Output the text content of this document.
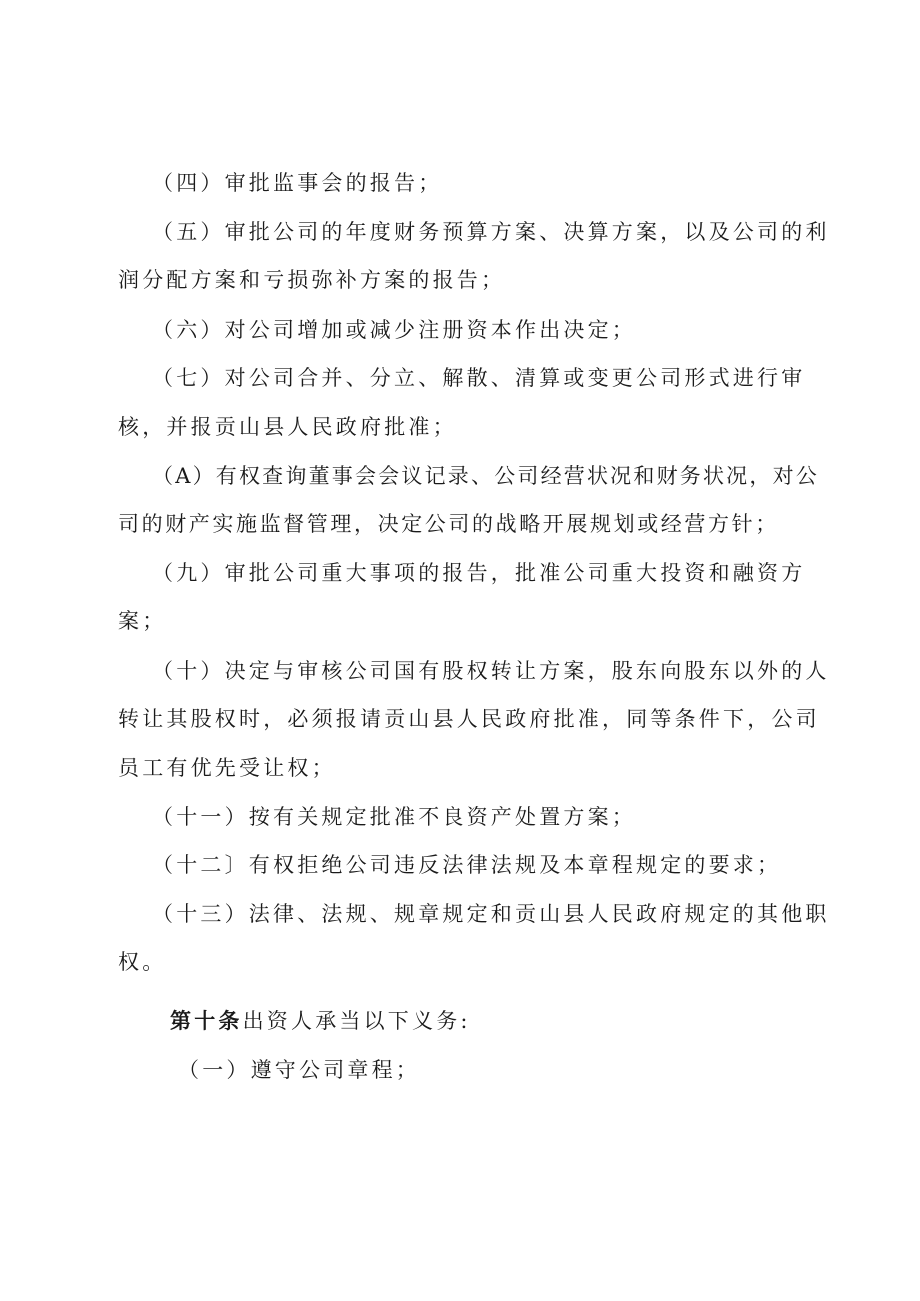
（四）审批监事会的报告；
（五）审批公司的年度财务预算方案、决算方案，以及公司的利
润分配方案和亏损弥补方案的报告；
（六）对公司增加或减少注册资本作出决定；
（七）对公司合并、分立、解散、清算或变更公司形式进行审
核，并报贡山县人民政府批准；
（A）有权查询董事会会议记录、公司经营状况和财务状况，对公
司的财产实施监督管理，决定公司的战略开展规划或经营方针；
（九）审批公司重大事项的报告，批准公司重大投资和融资方
案；
（十）决定与审核公司国有股权转让方案，股东向股东以外的人
转让其股权时，必须报请贡山县人民政府批准，同等条件下，公司
员工有优先受让权；
（十一）按有关规定批准不良资产处置方案；
（十二〕有权拒绝公司违反法律法规及本章程规定的要求；
（十三）法律、法规、规章规定和贡山县人民政府规定的其他职
权。
第十条出资人承当以下义务:
（一）遵守公司章程；
